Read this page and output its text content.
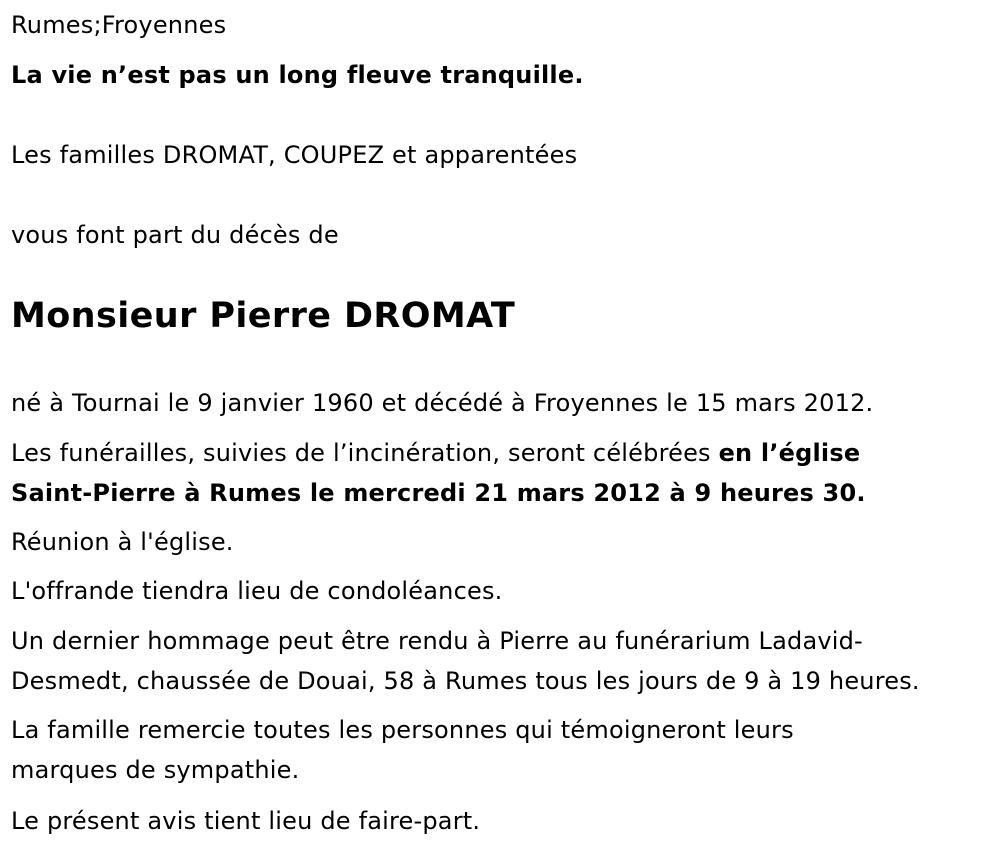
Rumes;Froyennes

La vie n’est pas un long fleuve tranquille.

Les familles DROMAT, COUPEZ et apparentées

vous font part du décès de

Monsieur Pierre DROMAT

né à Tournai le 9 janvier 1960 et décédé à Froyennes le 15 mars 2012.

Les funérailles, suivies de l’incinération, seront célébrées en l’église

Saint-Pierre à Rumes le mercredi 21 mars 2012 à 9 heures 30.

Réunion à l'église.

L'offrande tiendra lieu de condoléances.

Un dernier hommage peut être rendu à Pierre au funérarium Ladavid-

Desmedt, chaussée de Douai, 58 à Rumes tous les jours de 9 à 19 heures.

La famille remercie toutes les personnes qui témoigneront leurs

marques de sympathie.

Le présent avis tient lieu de faire-part.
